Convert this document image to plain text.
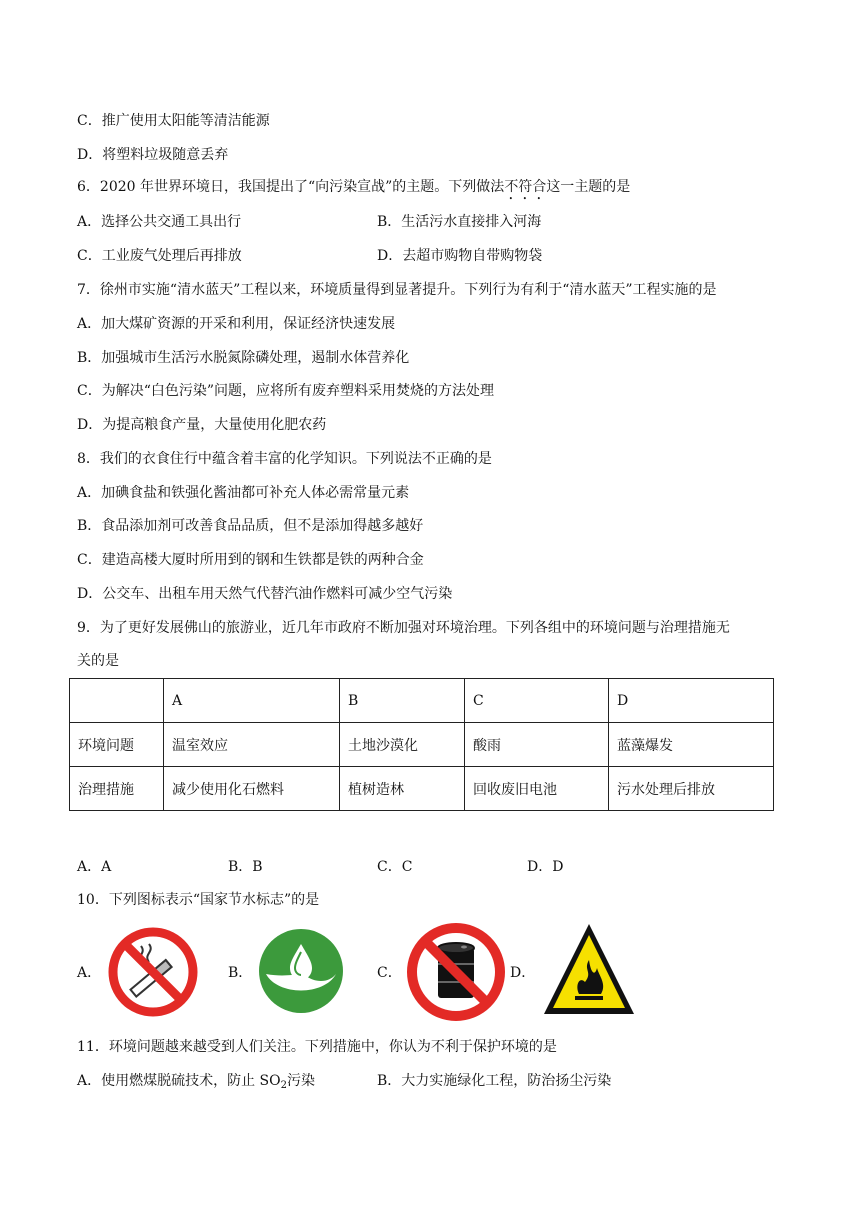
C．推广使用太阳能等清洁能源
D．将塑料垃圾随意丢弃
6．2020 年世界环境日，我国提出了“向污染宣战”的主题。下列做法不符合这一主题的是
A．选择公共交通工具出行	B．生活污水直接排入河海
C．工业废气处理后再排放	D．去超市购物自带购物袋
7．徐州市实施“清水蓝天”工程以来，环境质量得到显著提升。下列行为有利于“清水蓝天”工程实施的是
A．加大煤矿资源的开采和利用，保证经济快速发展
B．加强城市生活污水脱氮除磷处理，遏制水体营养化
C．为解决“白色污染”问题，应将所有废弃塑料采用焚烧的方法处理
D．为提高粮食产量，大量使用化肥农药
8．我们的衣食住行中蕴含着丰富的化学知识。下列说法不正确的是
A．加碘食盐和铁强化酱油都可补充人体必需常量元素
B．食品添加剂可改善食品品质，但不是添加得越多越好
C．建造高楼大厦时所用到的钢和生铁都是铁的两种合金
D．公交车、出租车用天然气代替汽油作燃料可减少空气污染
9．为了更好发展佛山的旅游业，近几年市政府不断加强对环境治理。下列各组中的环境问题与治理措施无
关的是
	A	B	C	D
环境问题	温室效应	土地沙漠化	酸雨	蓝藻爆发
治理措施	减少使用化石燃料	植树造林	回收废旧电池	污水处理后排放
A．A	B．B	C．C	D．D
10．下列图标表示“国家节水标志”的是
A．	B．	C．	D．
11．环境问题越来越受到人们关注。下列措施中，你认为不利于保护环境的是
A．使用燃煤脱硫技术，防止 $SO_2$污染	B．大力实施绿化工程，防治扬尘污染
